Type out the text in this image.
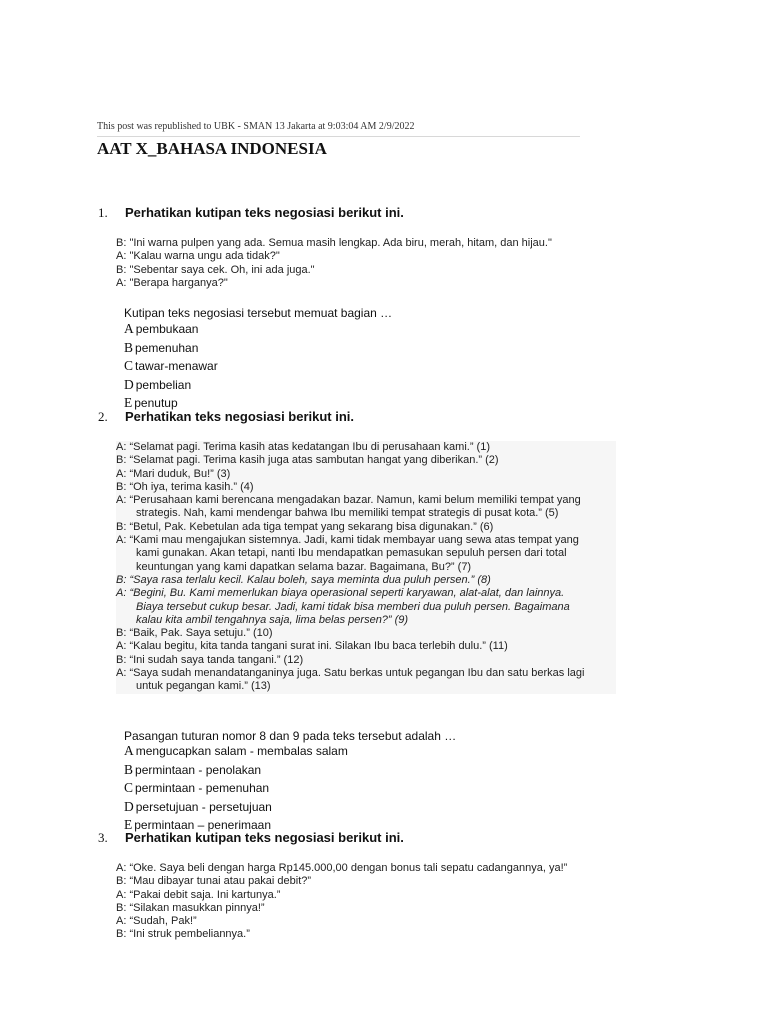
This post was republished to UBK - SMAN 13 Jakarta at 9:03:04 AM 2/9/2022
AAT X_BAHASA INDONESIA
1. Perhatikan kutipan teks negosiasi berikut ini.
B: "Ini warna pulpen yang ada. Semua masih lengkap. Ada biru, merah, hitam, dan hijau."
A: "Kalau warna ungu ada tidak?"
B: "Sebentar saya cek. Oh, ini ada juga."
A: "Berapa harganya?"
Kutipan teks negosiasi tersebut memuat bagian …
A pembukaan
B pemenuhan
C tawar-menawar
D pembelian
E penutup
2. Perhatikan teks negosiasi berikut ini.
A: “Selamat pagi. Terima kasih atas kedatangan Ibu di perusahaan kami.” (1)
B: “Selamat pagi. Terima kasih juga atas sambutan hangat yang diberikan.” (2)
A: “Mari duduk, Bu!” (3)
B: “Oh iya, terima kasih.” (4)
A: “Perusahaan kami berencana mengadakan bazar. Namun, kami belum memiliki tempat yang
strategis. Nah, kami mendengar bahwa Ibu memiliki tempat strategis di pusat kota.” (5)
B: “Betul, Pak. Kebetulan ada tiga tempat yang sekarang bisa digunakan.” (6)
A: “Kami mau mengajukan sistemnya. Jadi, kami tidak membayar uang sewa atas tempat yang
kami gunakan. Akan tetapi, nanti Ibu mendapatkan pemasukan sepuluh persen dari total
keuntungan yang kami dapatkan selama bazar. Bagaimana, Bu?” (7)
B: “Saya rasa terlalu kecil. Kalau boleh, saya meminta dua puluh persen.” (8)
A: “Begini, Bu. Kami memerlukan biaya operasional seperti karyawan, alat-alat, dan lainnya.
Biaya tersebut cukup besar. Jadi, kami tidak bisa memberi dua puluh persen. Bagaimana
kalau kita ambil tengahnya saja, lima belas persen?” (9)
B: “Baik, Pak. Saya setuju.” (10)
A: “Kalau begitu, kita tanda tangani surat ini. Silakan Ibu baca terlebih dulu.” (11)
B: “Ini sudah saya tanda tangani.” (12)
A: “Saya sudah menandatanganinya juga. Satu berkas untuk pegangan Ibu dan satu berkas lagi
untuk pegangan kami.” (13)
Pasangan tuturan nomor 8 dan 9 pada teks tersebut adalah …
A mengucapkan salam - membalas salam
B permintaan - penolakan
C permintaan - pemenuhan
D persetujuan - persetujuan
E permintaan – penerimaan
3. Perhatikan kutipan teks negosiasi berikut ini.
A: “Oke. Saya beli dengan harga Rp145.000,00 dengan bonus tali sepatu cadangannya, ya!”
B: “Mau dibayar tunai atau pakai debit?”
A: “Pakai debit saja. Ini kartunya.”
B: “Silakan masukkan pinnya!”
A: “Sudah, Pak!”
B: “Ini struk pembeliannya.”
